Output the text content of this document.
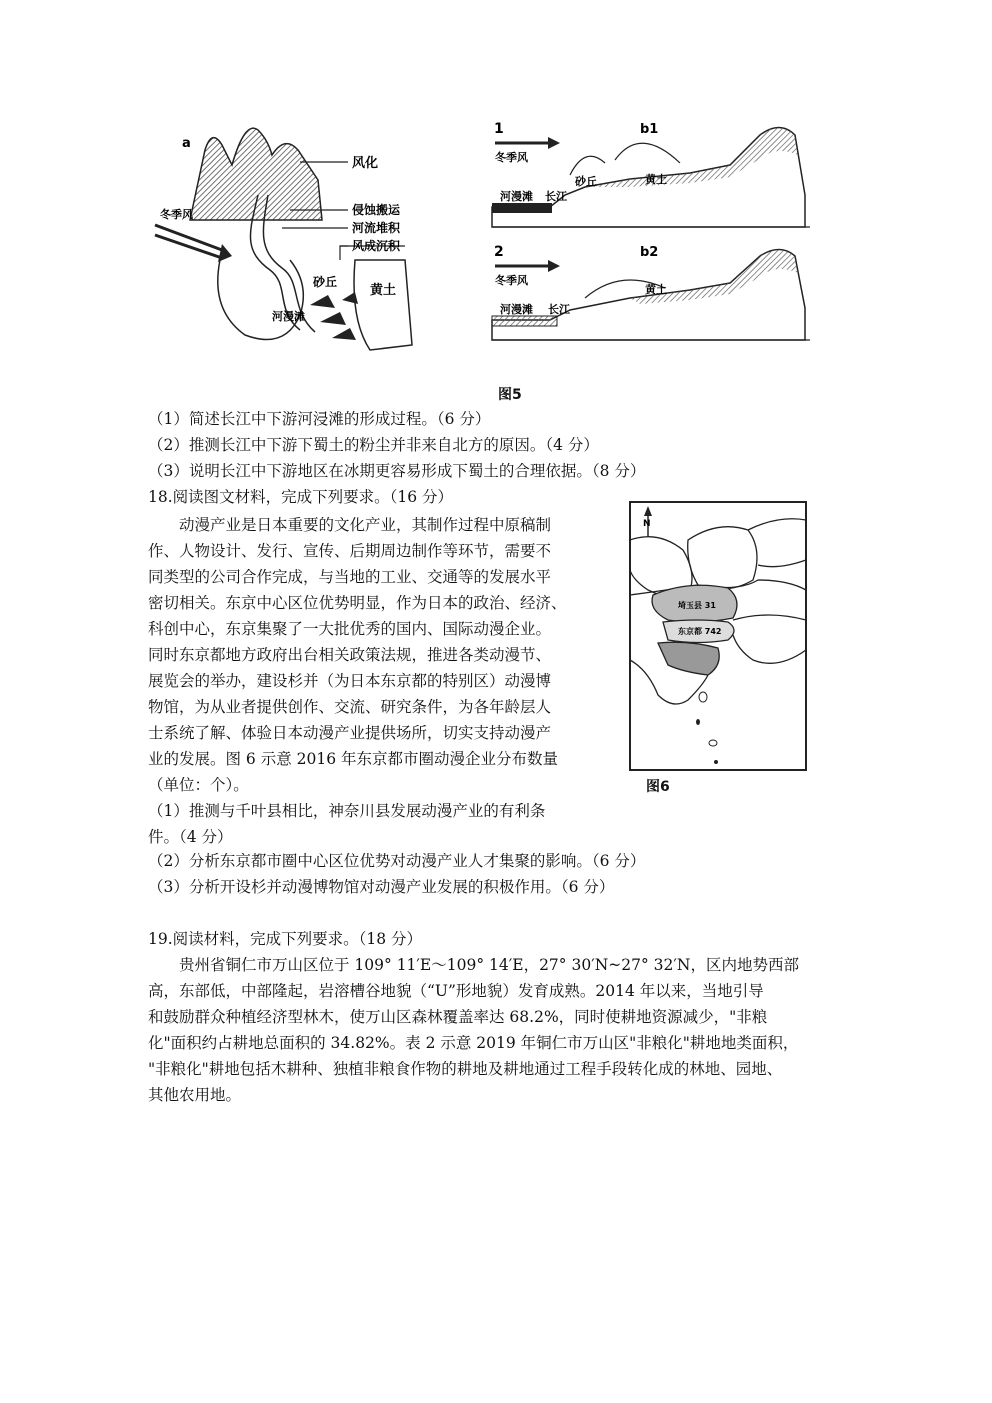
a
风化
侵蚀搬运
河流堆积
风成沉积
冬季风
砂丘
黄土
河漫滩
1	b1
冬季风
砂丘	黄土
河漫滩 长江
2	b2
冬季风
黄土
河漫滩 长江
图5
（1）简述长江中下游河浸滩的形成过程。（6 分）
（2）推测长江中下游下蜀土的粉尘并非来自北方的原因。（4 分）
（3）说明长江中下游地区在冰期更容易形成下蜀土的合理依据。（8 分）
18.阅读图文材料，完成下列要求。（16 分）
　　动漫产业是日本重要的文化产业，其制作过程中原稿制
作、人物设计、发行、宣传、后期周边制作等环节，需要不
同类型的公司合作完成，与当地的工业、交通等的发展水平
密切相关。东京中心区位优势明显，作为日本的政治、经济、
科创中心，东京集聚了一大批优秀的国内、国际动漫企业。
同时东京都地方政府出台相关政策法规，推进各类动漫节、
展览会的举办，建设杉并（为日本东京都的特别区）动漫博
物馆，为从业者提供创作、交流、研究条件，为各年龄层人
士系统了解、体验日本动漫产业提供场所，切实支持动漫产
业的发展。图 6 示意 2016 年东京都市圈动漫企业分布数量
（单位：个）。
（1）推测与千叶县相比，神奈川县发展动漫产业的有利条
件。（4 分）
N
埼玉县 31
东京都 742
图6
（2）分析东京都市圈中心区位优势对动漫产业人才集聚的影响。（6 分）
（3）分析开设杉并动漫博物馆对动漫产业发展的积极作用。（6 分）
19.阅读材料，完成下列要求。（18 分）
　　贵州省铜仁市万山区位于 109° 11′E～109° 14′E，27° 30′N~27° 32′N，区内地势西部
高，东部低，中部隆起，岩溶槽谷地貌（“U”形地貌）发育成熟。2014 年以来，当地引导
和鼓励群众种植经济型林木，使万山区森林覆盖率达 68.2%，同时使耕地资源减少，"非粮
化"面积约占耕地总面积的 34.82%。表 2 示意 2019 年铜仁市万山区"非粮化"耕地地类面积，
"非粮化"耕地包括木耕种、独植非粮食作物的耕地及耕地通过工程手段转化成的林地、园地、
其他农用地。
